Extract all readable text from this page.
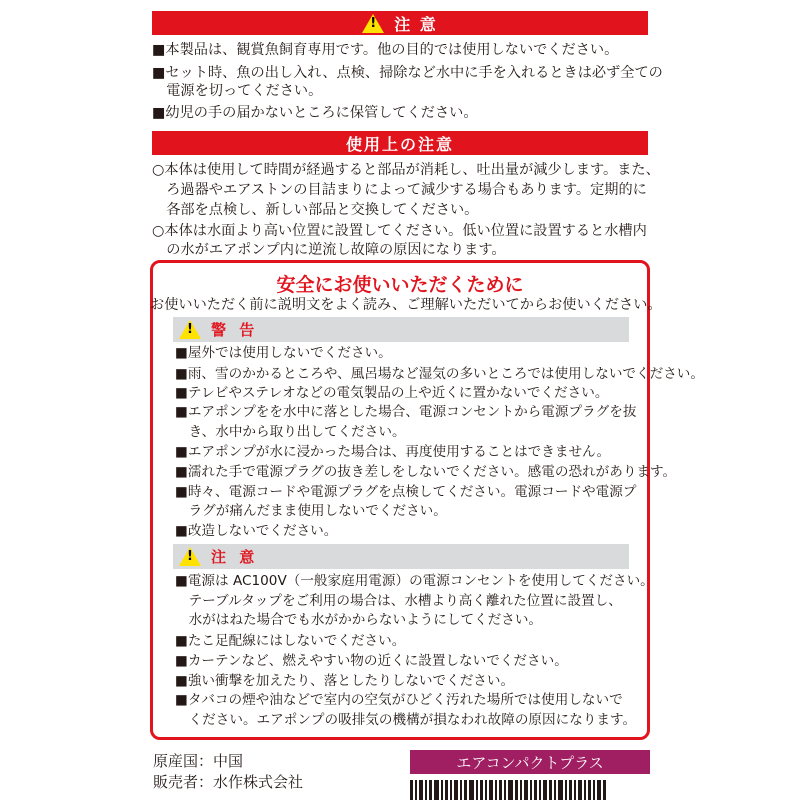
!
注 意
■本製品は、観賞魚飼育専用です。他の目的では使用しないでください。
■セット時、魚の出し入れ、点検、掃除など水中に手を入れるときは必ず全ての
　電源を切ってください。
■幼児の手の届かないところに保管してください。
使用上の注意
○本体は使用して時間が経過すると部品が消耗し、吐出量が減少します。また、
　ろ過器やエアストンの目詰まりによって減少する場合もあります。定期的に
　各部を点検し、新しい部品と交換してください。
○本体は水面より高い位置に設置してください。低い位置に設置すると水槽内
　の水がエアポンプ内に逆流し故障の原因になります。
安全にお使いいただくために
お使いいただく前に説明文をよく読み、ご理解いただいてからお使いください。
!
警 告
■屋外では使用しないでください。
■雨、雪のかかるところや、風呂場など湿気の多いところでは使用しないでください。
■テレビやステレオなどの電気製品の上や近くに置かないでください。
■エアポンプをを水中に落とした場合、電源コンセントから電源プラグを抜
　き、水中から取り出してください。
■エアポンプが水に浸かった場合は、再度使用することはできません。
■濡れた手で電源プラグの抜き差しをしないでください。感電の恐れがあります。
■時々、電源コードや電源プラグを点検してください。電源コードや電源プ
　ラグが痛んだまま使用しないでください。
■改造しないでください。
!
注 意
■電源は AC100V（一般家庭用電源）の電源コンセントを使用してください。
　テーブルタップをご利用の場合は、水槽より高く離れた位置に設置し、
　水がはねた場合でも水がかからないようにしてください。
■たこ足配線にはしないでください。
■カーテンなど、燃えやすい物の近くに設置しないでください。
■強い衝撃を加えたり、落としたりしないでください。
■タバコの煙や油などで室内の空気がひどく汚れた場所では使用しないで
　ください。エアポンプの吸排気の機構が損なわれ故障の原因になります。
原産国：中国
販売者：水作株式会社
エアコンパクトプラス
